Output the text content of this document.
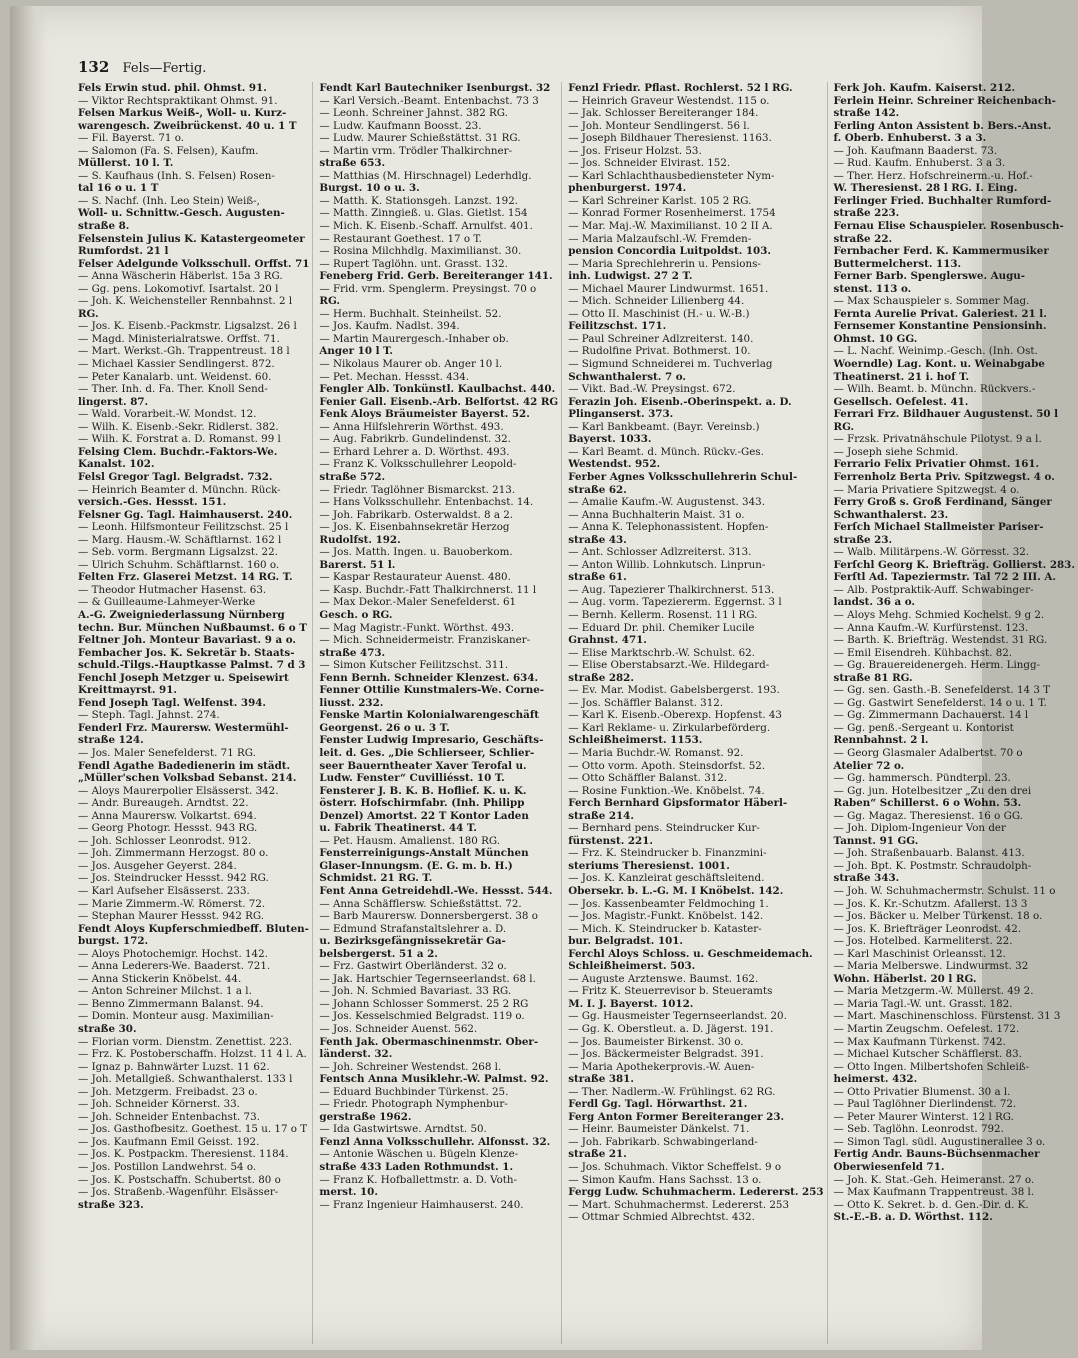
132 Fels—Fertig.
Fels Erwin stud. phil. Ohmst. 91.
— Viktor Rechtspraktikant Ohmst. 91.
Felsen Markus Weiß-, Woll- u. Kurz-
warengesch. Zweibrückenst. 40 u. 1 T
— Fil. Bayerst. 71 o.
— Salomon (Fa. S. Felsen), Kaufm.
Müllerst. 10 l. T.
— S. Kaufhaus (Inh. S. Felsen) Rosen-
tal 16 o u. 1 T
— S. Nachf. (Inh. Leo Stein) Weiß-,
Woll- u. Schnittw.-Gesch. Augusten-
straße 8.
Felsenstein Julius K. Katastergeometer
Rumfordst. 21 l
Felser Adelgunde Volksschull. Orffst. 71
— Anna Wäscherin Häberlst. 15a 3 RG.
— Gg. pens. Lokomotivf. Isartalst. 20 l
— Joh. K. Weichensteller Rennbahnst. 2 l
RG.
— Jos. K. Eisenb.-Packmstr. Ligsalzst. 26 l
— Magd. Ministerialratswe. Orffst. 71.
— Mart. Werkst.-Gh. Trappentreust. 18 l
— Michael Kassier Sendlingerst. 872.
— Peter Kanalarb. unt. Weidenst. 60.
— Ther. Inh. d. Fa. Ther. Knoll Send-
lingerst. 87.
— Wald. Vorarbeit.-W. Mondst. 12.
— Wilh. K. Eisenb.-Sekr. Ridlerst. 382.
— Wilh. K. Forstrat a. D. Romanst. 99 l
Felsing Clem. Buchdr.-Faktors-We.
Kanalst. 102.
Felsl Gregor Tagl. Belgradst. 732.
— Heinrich Beamter d. Münchn. Rück-
versich.-Ges. Hessst. 151.
Felsner Gg. Tagl. Haimhauserst. 240.
— Leonh. Hilfsmonteur Feilitzschst. 25 l
— Marg. Hausm.-W. Schäftlarnst. 162 l
— Seb. vorm. Bergmann Ligsalzst. 22.
— Ulrich Schuhm. Schäftlarnst. 160 o.
Felten Frz. Glaserei Metzst. 14 RG. T.
— Theodor Hutmacher Hasenst. 63.
— & Guilleaume-Lahmeyer-Werke
A.-G. Zweigniederlassung Nürnberg
techn. Bur. München Nußbaumst. 6 o T
Feltner Joh. Monteur Bavariast. 9 a o.
Fembacher Jos. K. Sekretär b. Staats-
schuld.-Tilgs.-Hauptkasse Palmst. 7 d 3
Fenchl Joseph Metzger u. Speisewirt
Kreittmayrst. 91.
Fend Joseph Tagl. Welfenst. 394.
— Steph. Tagl. Jahnst. 274.
Fenderl Frz. Maurersw. Westermühl-
straße 124.
— Jos. Maler Senefelderst. 71 RG.
Fendl Agathe Badedienerin im städt.
„Müller'schen Volksbad Sebanst. 214.
— Aloys Maurerpolier Elsässerst. 342.
— Andr. Bureaugeh. Arndtst. 22.
— Anna Maurersw. Volkartst. 694.
— Georg Photogr. Hessst. 943 RG.
— Joh. Schlosser Leonrodst. 912.
— Joh. Zimmermann Herzogst. 80 o.
— Jos. Ausgeher Geyerst. 284.
— Jos. Steindrucker Hessst. 942 RG.
— Karl Aufseher Elsässerst. 233.
— Marie Zimmerm.-W. Römerst. 72.
— Stephan Maurer Hessst. 942 RG.
Fendt Aloys Kupferschmiedbeff. Bluten-
burgst. 172.
— Aloys Photochemigr. Hochst. 142.
— Anna Lederers-We. Baaderst. 721.
— Anna Stickerin Knöbelst. 44.
— Anton Schreiner Milchst. 1 a l.
— Benno Zimmermann Balanst. 94.
— Domin. Monteur ausg. Maximilian-
straße 30.
— Florian vorm. Dienstm. Zenettist. 223.
— Frz. K. Postoberschaffn. Holzst. 11 4 l. A.
— Ignaz p. Bahnwärter Luzst. 11 62.
— Joh. Metallgieß. Schwanthalerst. 133 l
— Joh. Metzgerm. Freibadst. 23 o.
— Joh. Schneider Körnerst. 33.
— Joh. Schneider Entenbachst. 73.
— Jos. Gasthofbesitz. Goethest. 15 u. 17 o T
— Jos. Kaufmann Emil Geisst. 192.
— Jos. K. Postpackm. Theresienst. 1184.
— Jos. Postillon Landwehrst. 54 o.
— Jos. K. Postschaffn. Schubertst. 80 o
— Jos. Straßenb.-Wagenführ. Elsässer-
straße 323.
Fendt Karl Bautechniker Isenburgst. 32
— Karl Versich.-Beamt. Entenbachst. 73 3
— Leonh. Schreiner Jahnst. 382 RG.
— Ludw. Kaufmann Boosst. 23.
— Ludw. Maurer Schießstättst. 31 RG.
— Martin vrm. Trödler Thalkirchner-
straße 653.
— Matthias (M. Hirschnagel) Lederhdlg.
Burgst. 10 o u. 3.
— Matth. K. Stationsgeh. Lanzst. 192.
— Matth. Zinngieß. u. Glas. Gietlst. 154
— Mich. K. Eisenb.-Schaff. Arnulfst. 401.
— Restaurant Goethest. 17 o T.
— Rosina Milchhdlg. Maximilianst. 30.
— Rupert Taglöhn. unt. Grasst. 132.
Feneberg Frid. Gerb. Bereiteranger 141.
— Frid. vrm. Spenglerm. Preysingst. 70 o
RG.
— Herm. Buchhalt. Steinheilst. 52.
— Jos. Kaufm. Nadlst. 394.
— Martin Maurergesch.-Inhaber ob.
Anger 10 l T.
— Nikolaus Maurer ob. Anger 10 l.
— Pet. Mechan. Hessst. 434.
Fengler Alb. Tonkünstl. Kaulbachst. 440.
Fenier Gall. Eisenb.-Arb. Belfortst. 42 RG
Fenk Aloys Bräumeister Bayerst. 52.
— Anna Hilfslehrerin Wörthst. 493.
— Aug. Fabrikrb. Gundelindenst. 32.
— Erhard Lehrer a. D. Wörthst. 493.
— Franz K. Volksschullehrer Leopold-
straße 572.
— Friedr. Taglöhner Bismarckst. 213.
— Hans Volksschullehr. Entenbachst. 14.
— Joh. Fabrikarb. Osterwaldst. 8 a 2.
— Jos. K. Eisenbahnsekretär Herzog
Rudolfst. 192.
— Jos. Matth. Ingen. u. Bauoberkom.
Barerst. 51 l.
— Kaspar Restaurateur Auenst. 480.
— Kasp. Buchdr.-Fatt Thalkirchnerst. 11 l
— Max Dekor.-Maler Senefelderst. 61
Gesch. o RG.
— Mag Magistr.-Funkt. Wörthst. 493.
— Mich. Schneidermeistr. Franziskaner-
straße 473.
— Simon Kutscher Feilitzschst. 311.
Fenn Bernh. Schneider Klenzest. 634.
Fenner Ottilie Kunstmalers-We. Corne-
liusst. 232.
Fenske Martin Kolonialwarengeschäft
Georgenst. 26 o u. 3 T.
Fenster Ludwig Impresario, Geschäfts-
leit. d. Ges. „Die Schlierseer, Schlier-
seer Bauerntheater Xaver Terofal u.
Ludw. Fenster“ Cuvilliésst. 10 T.
Fensterer J. B. K. B. Hoflief. K. u. K.
österr. Hofschirmfabr. (Inh. Philipp
Denzel) Amortst. 22 T Kontor Laden
u. Fabrik Theatinerst. 44 T.
— Pet. Hausm. Amalienst. 180 RG.
Fensterreinigungs-Anstalt München
Glaser-Innungsm. (E. G. m. b. H.)
Schmidst. 21 RG. T.
Fent Anna Getreidehdl.-We. Hessst. 544.
— Anna Schäfflersw. Schießstättst. 72.
— Barb Maurersw. Donnersbergerst. 38 o
— Edmund Strafanstaltslehrer a. D.
u. Bezirksgefängnissekretär Ga-
belsbergerst. 51 a 2.
— Frz. Gastwirt Oberländerst. 32 o.
— Jak. Hartschier Tegernseerlandst. 68 l.
— Joh. N. Schmied Bavariast. 33 RG.
— Johann Schlosser Sommerst. 25 2 RG
— Jos. Kesselschmied Belgradst. 119 o.
— Jos. Schneider Auenst. 562.
Fenth Jak. Obermaschinenmstr. Ober-
länderst. 32.
— Joh. Schreiner Westendst. 268 l.
Fentsch Anna Musiklehr.-W. Palmst. 92.
— Eduard Buchbinder Türkenst. 25.
— Friedr. Photograph Nymphenbur-
gerstraße 1962.
— Ida Gastwirtswe. Arndtst. 50.
Fenzl Anna Volksschullehr. Alfonsst. 32.
— Antonie Wäschen u. Bügeln Klenze-
straße 433 Laden Rothmundst. 1.
— Franz K. Hofballettmstr. a. D. Voth-
merst. 10.
— Franz Ingenieur Haimhauserst. 240.
Fenzl Friedr. Pflast. Rochlerst. 52 l RG.
— Heinrich Graveur Westendst. 115 o.
— Jak. Schlosser Bereiteranger 184.
— Joh. Monteur Sendlingerst. 56 l.
— Joseph Bildhauer Theresienst. 1163.
— Jos. Friseur Holzst. 53.
— Jos. Schneider Elvirast. 152.
— Karl Schlachthausbediensteter Nym-
phenburgerst. 1974.
— Karl Schreiner Karlst. 105 2 RG.
— Konrad Former Rosenheimerst. 1754
— Mar. Maj.-W. Maximilianst. 10 2 II A.
— Maria Malzaufschl.-W. Fremden-
pension Concordia Luitpoldst. 103.
— Maria Sprechlehrerin u. Pensions-
inh. Ludwigst. 27 2 T.
— Michael Maurer Lindwurmst. 1651.
— Mich. Schneider Lilienberg 44.
— Otto II. Maschinist (H.- u. W.-B.)
Feilitzschst. 171.
— Paul Schreiner Adlzreiterst. 140.
— Rudolfine Privat. Bothmerst. 10.
— Sigmund Schneiderei m. Tuchverlag
Schwanthalerst. 7 o.
— Vikt. Bad.-W. Preysingst. 672.
Ferazin Joh. Eisenb.-Oberinspekt. a. D.
Plinganserst. 373.
— Karl Bankbeamt. (Bayr. Vereinsb.)
Bayerst. 1033.
— Karl Beamt. d. Münch. Rückv.-Ges.
Westendst. 952.
Ferber Agnes Volksschullehrerin Schul-
straße 62.
— Amalie Kaufm.-W. Augustenst. 343.
— Anna Buchhalterin Maist. 31 o.
— Anna K. Telephonassistent. Hopfen-
straße 43.
— Ant. Schlosser Adlzreiterst. 313.
— Anton Willib. Lohnkutsch. Linprun-
straße 61.
— Aug. Tapezierer Thalkirchnerst. 513.
— Aug. vorm. Tapeziererm. Eggernst. 3 l
— Bernh. Kellerm. Rosenst. 11 l RG.
— Eduard Dr. phil. Chemiker Lucile
Grahnst. 471.
— Elise Marktschrb.-W. Schulst. 62.
— Elise Oberstabsarzt.-We. Hildegard-
straße 282.
— Ev. Mar. Modist. Gabelsbergerst. 193.
— Jos. Schäffler Balanst. 312.
— Karl K. Eisenb.-Oberexp. Hopfenst. 43
— Karl Reklame- u. Zirkularbeförderg.
Schleißheimerst. 1153.
— Maria Buchdr.-W. Romanst. 92.
— Otto vorm. Apoth. Steinsdorfst. 52.
— Otto Schäffler Balanst. 312.
— Rosine Funktion.-We. Knöbelst. 74.
Ferch Bernhard Gipsformator Häberl-
straße 214.
— Bernhard pens. Steindrucker Kur-
fürstenst. 221.
— Frz. K. Steindrucker b. Finanzmini-
steriums Theresienst. 1001.
— Jos. K. Kanzleirat geschäftsleitend.
Obersekr. b. L.-G. M. I Knöbelst. 142.
— Jos. Kassenbeamter Feldmoching 1.
— Jos. Magistr.-Funkt. Knöbelst. 142.
— Mich. K. Steindrucker b. Kataster-
bur. Belgradst. 101.
Ferchl Aloys Schloss. u. Geschmeidemach.
Schleißheimerst. 503.
— Auguste Arztenswe. Baumst. 162.
— Fritz K. Steuerrevisor b. Steueramts
M. I. J. Bayerst. 1012.
— Gg. Hausmeister Tegernseerlandst. 20.
— Gg. K. Oberstleut. a. D. Jägerst. 191.
— Jos. Baumeister Birkenst. 30 o.
— Jos. Bäckermeister Belgradst. 391.
— Maria Apothekerprovis.-W. Auen-
straße 381.
— Ther. Nadlerm.-W. Frühlingst. 62 RG.
Ferdl Gg. Tagl. Hörwarthst. 21.
Ferg Anton Former Bereiteranger 23.
— Heinr. Baumeister Dänkelst. 71.
— Joh. Fabrikarb. Schwabingerland-
straße 21.
— Jos. Schuhmach. Viktor Scheffelst. 9 o
— Simon Kaufm. Hans Sachsst. 13 o.
Fergg Ludw. Schuhmacherm. Ledererst. 253
— Mart. Schuhmachermst. Ledererst. 253
— Ottmar Schmied Albrechtst. 432.
Ferk Joh. Kaufm. Kaiserst. 212.
Ferlein Heinr. Schreiner Reichenbach-
straße 142.
Ferling Anton Assistent b. Bers.-Anst.
f. Oberb. Enhuberst. 3 a 3.
— Joh. Kaufmann Baaderst. 73.
— Rud. Kaufm. Enhuberst. 3 a 3.
— Ther. Herz. Hofschreinerm.-u. Hof.-
W. Theresienst. 28 l RG. I. Eing.
Ferlinger Fried. Buchhalter Rumford-
straße 223.
Fernau Elise Schauspieler. Rosenbusch-
straße 22.
Fernbacher Ferd. K. Kammermusiker
Buttermelcherst. 113.
Ferner Barb. Spenglerswe. Augu-
stenst. 113 o.
— Max Schauspieler s. Sommer Mag.
Fernta Aurelie Privat. Galeriest. 21 l.
Fernsemer Konstantine Pensionsinh.
Ohmst. 10 GG.
— L. Nachf. Weinimp.-Gesch. (Inh. Ost.
Woerndle) Lag. Kont. u. Weinabgabe
Theatinerst. 21 i. hof T.
— Wilh. Beamt. b. Münchn. Rückvers.-
Gesellsch. Oefelest. 41.
Ferrari Frz. Bildhauer Augustenst. 50 l
RG.
— Frzsk. Privatnähschule Pilotyst. 9 a l.
— Joseph siehe Schmid.
Ferrario Felix Privatier Ohmst. 161.
Ferrenholz Berta Priv. Spitzwegst. 4 o.
— Maria Privatiere Spitzwegst. 4 o.
Ferry Groß s. Groß Ferdinand, Sänger
Schwanthalerst. 23.
Ferſch Michael Stallmeister Pariser-
straße 23.
— Walb. Militärpens.-W. Görresst. 32.
Ferſchl Georg K. Briefträg. Gollierst. 283.
Ferſtl Ad. Tapeziermstr. Tal 72 2 III. A.
— Alb. Postpraktik-Auff. Schwabinger-
landst. 36 a o.
— Aloys Mehg. Schmied Kochelst. 9 g 2.
— Anna Kaufm.-W. Kurfürstenst. 123.
— Barth. K. Briefträg. Westendst. 31 RG.
— Emil Eisendreh. Kühbachst. 82.
— Gg. Brauereidenergeh. Herm. Lingg-
straße 81 RG.
— Gg. sen. Gasth.-B. Senefelderst. 14 3 T
— Gg. Gastwirt Senefelderst. 14 o u. 1 T.
— Gg. Zimmermann Dachauerst. 14 l
— Gg. penß.-Sergeant u. Kontorist
Rennbahnst. 2 l.
— Georg Glasmaler Adalbertst. 70 o
Atelier 72 o.
— Gg. hammersch. Pündterpl. 23.
— Gg. jun. Hotelbesitzer „Zu den drei
Raben“ Schillerst. 6 o Wohn. 53.
— Gg. Magaz. Theresienst. 16 o GG.
— Joh. Diplom-Ingenieur Von der
Tannst. 91 GG.
— Joh. Straßenbauarb. Balanst. 413.
— Joh. Bpt. K. Postmstr. Schraudolph-
straße 343.
— Joh. W. Schuhmachermstr. Schulst. 11 o
— Jos. K. Kr.-Schutzm. Afallerst. 13 3
— Jos. Bäcker u. Melber Türkenst. 18 o.
— Jos. K. Briefträger Leonrodst. 42.
— Jos. Hotelbed. Karmeliterst. 22.
— Karl Maschinist Orleansst. 12.
— Maria Melberswe. Lindwurmst. 32
Wohn. Häberlst. 20 l RG.
— Maria Metzgerm.-W. Müllerst. 49 2.
— Maria Tagl.-W. unt. Grasst. 182.
— Mart. Maschinenschloss. Fürstenst. 31 3
— Martin Zeugschm. Oefelest. 172.
— Max Kaufmann Türkenst. 742.
— Michael Kutscher Schäfflerst. 83.
— Otto Ingen. Milbertshofen Schleiß-
heimerst. 432.
— Otto Privatier Blumenst. 30 a l.
— Paul Taglöhner Dierlindenst. 72.
— Peter Maurer Winterst. 12 l RG.
— Seb. Taglöhn. Leonrodst. 792.
— Simon Tagl. südl. Augustinerallee 3 o.
Fertig Andr. Bauns-Büchsenmacher
Oberwiesenfeld 71.
— Joh. K. Stat.-Geh. Heimeranst. 27 o.
— Max Kaufmann Trappentreust. 38 l.
— Otto K. Sekret. b. d. Gen.-Dir. d. K.
St.-E.-B. a. D. Wörthst. 112.
